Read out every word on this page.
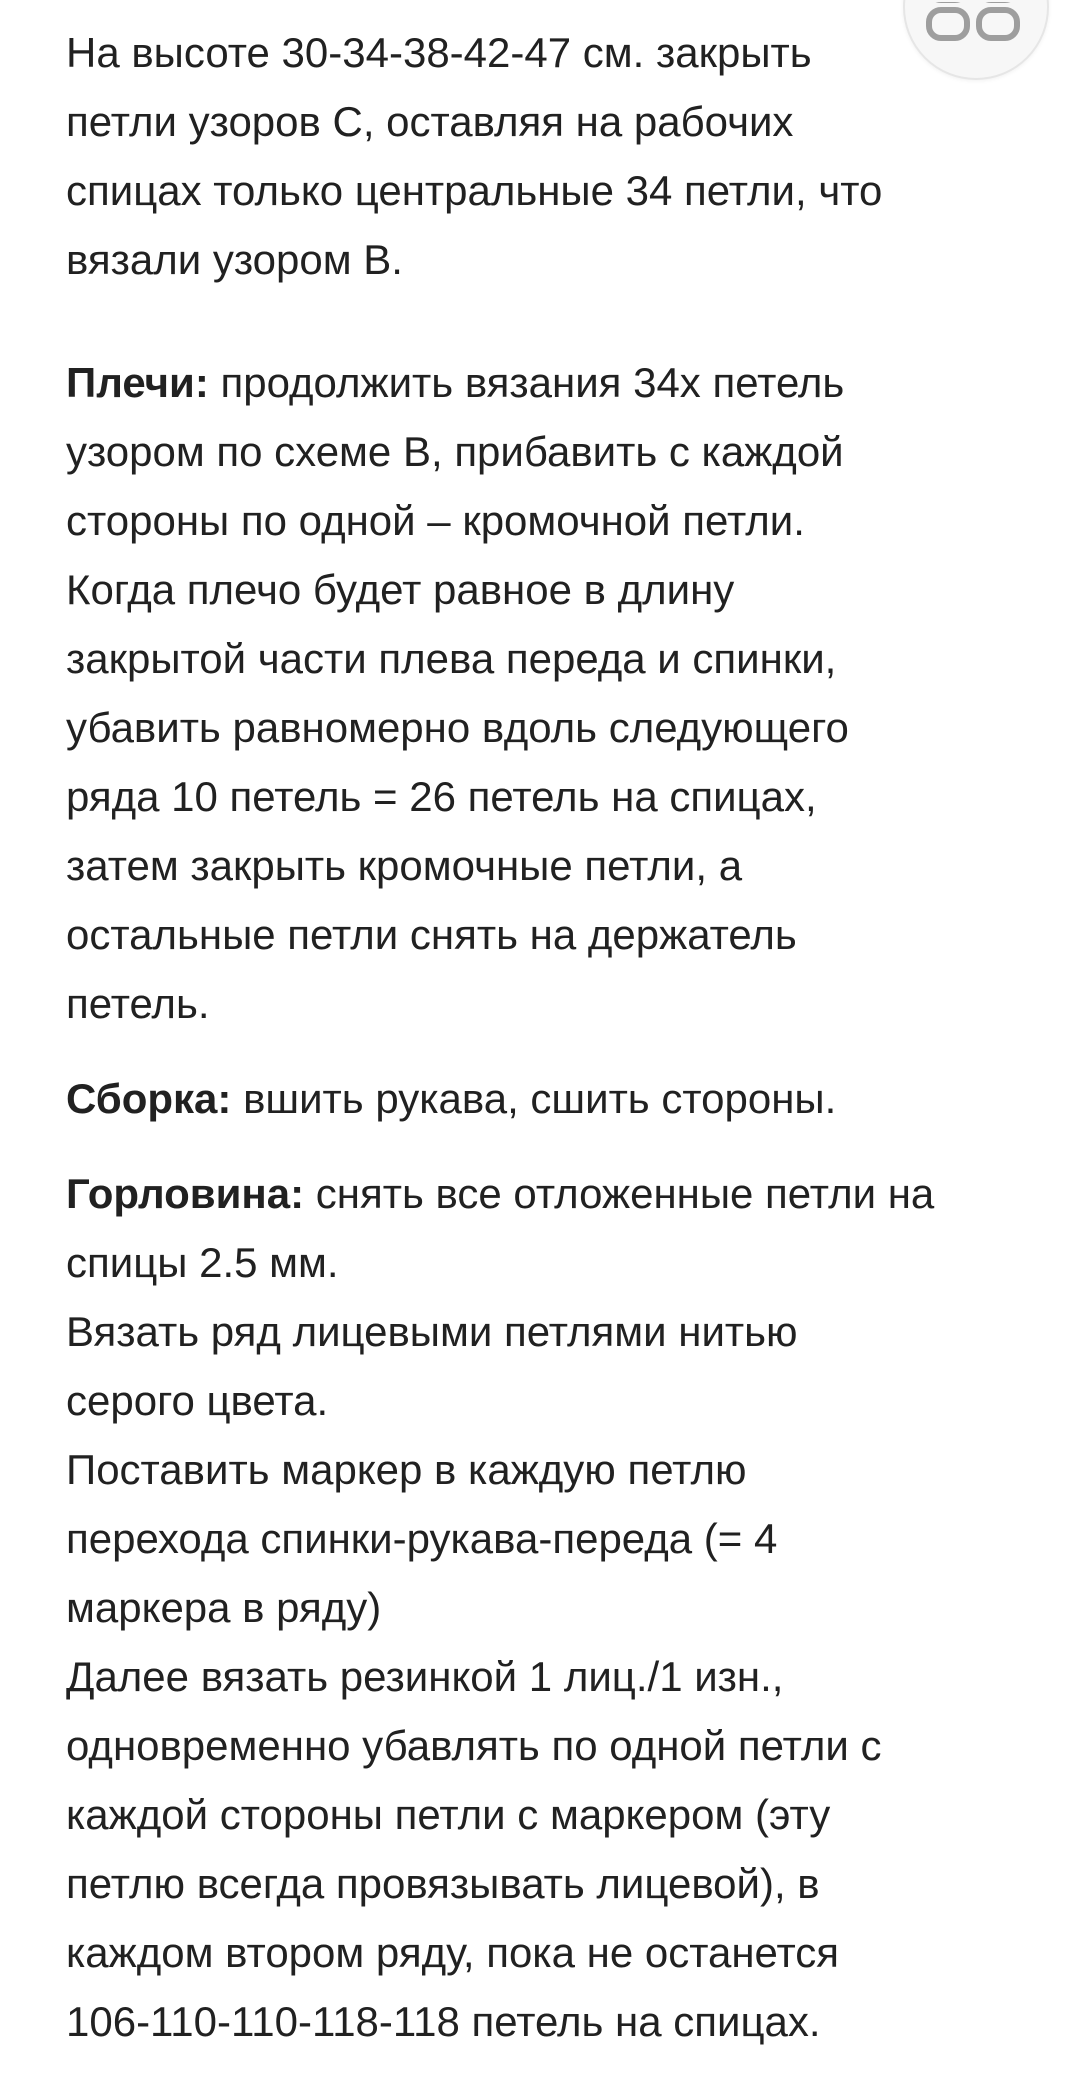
На высоте 30-34-38-42-47 см. закрыть
петли узоров С, оставляя на рабочих
спицах только центральные 34 петли, что
вязали узором В.

Плечи: продолжить вязания 34х петель
узором по схеме В, прибавить с каждой
стороны по одной – кромочной петли.
Когда плечо будет равное в длину
закрытой части плева переда и спинки,
убавить равномерно вдоль следующего
ряда 10 петель = 26 петель на спицах,
затем закрыть кромочные петли, а
остальные петли снять на держатель
петель.

Сборка: вшить рукава, сшить стороны.

Горловина: снять все отложенные петли на
спицы 2.5 мм.
Вязать ряд лицевыми петлями нитью
серого цвета.
Поставить маркер в каждую петлю
перехода спинки-рукава-переда (= 4
маркера в ряду)
Далее вязать резинкой 1 лиц./1 изн.,
одновременно убавлять по одной петли с
каждой стороны петли с маркером (эту
петлю всегда провязывать лицевой), в
каждом втором ряду, пока не останется
106-110-110-118-118 петель на спицах.
